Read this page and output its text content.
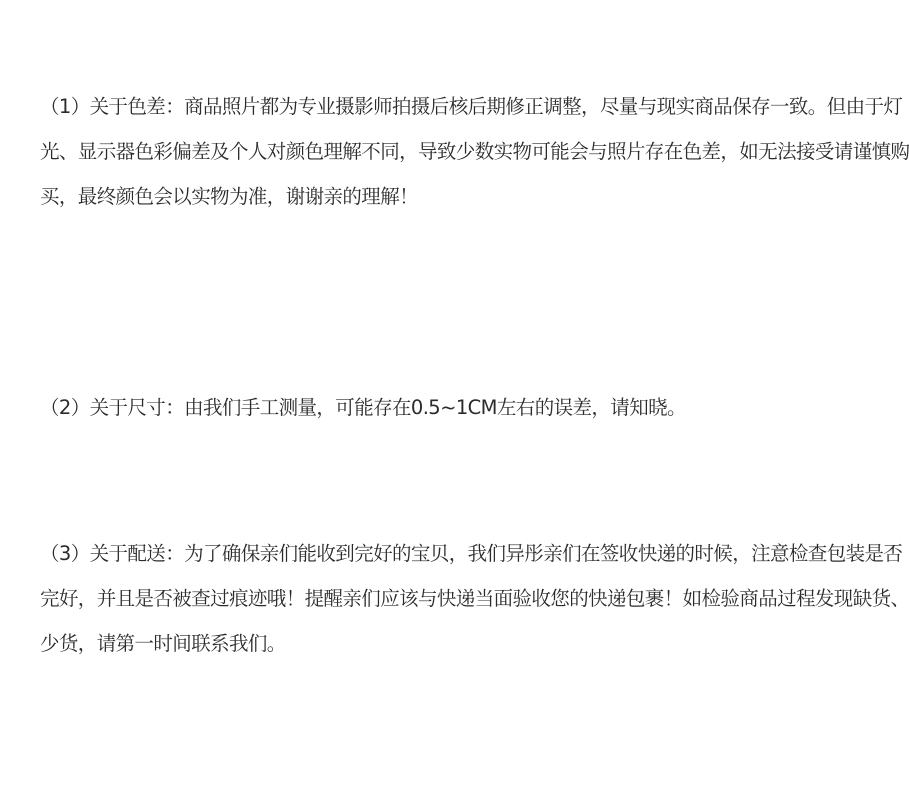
（1）关于色差：商品照片都为专业摄影师拍摄后核后期修正调整，尽量与现实商品保存一致。但由于灯
光、显示器色彩偏差及个人对颜色理解不同，导致少数实物可能会与照片存在色差，如无法接受请谨慎购
买，最终颜色会以实物为准，谢谢亲的理解！

（2）关于尺寸：由我们手工测量，可能存在0.5~1CM左右的误差，请知晓。

（3）关于配送：为了确保亲们能收到完好的宝贝，我们异彤亲们在签收快递的时候，注意检查包装是否
完好，并且是否被查过痕迹哦！提醒亲们应该与快递当面验收您的快递包裹！如检验商品过程发现缺货、
少货，请第一时间联系我们。
